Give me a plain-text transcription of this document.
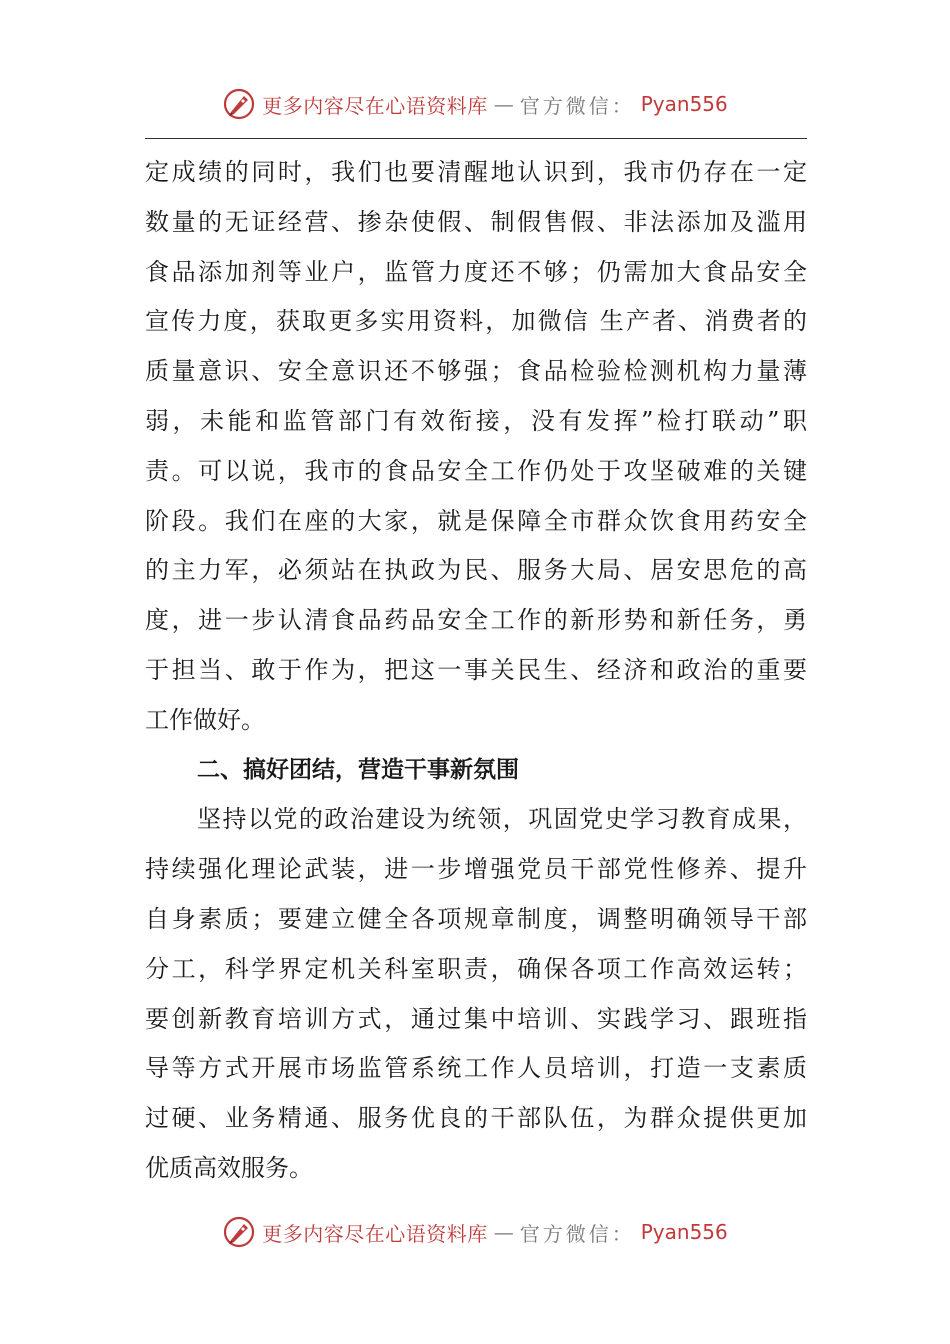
更多内容尽在心语资料库 — 官方微信： Pyan556
定成绩的同时，我们也要清醒地认识到，我市仍存在一定
数量的无证经营、掺杂使假、制假售假、非法添加及滥用
食品添加剂等业户，监管力度还不够；仍需加大食品安全
宣传力度，获取更多实用资料，加微信 生产者、消费者的
质量意识、安全意识还不够强；食品检验检测机构力量薄
弱，未能和监管部门有效衔接，没有发挥”检打联动”职
责。可以说，我市的食品安全工作仍处于攻坚破难的关键
阶段。我们在座的大家，就是保障全市群众饮食用药安全
的主力军，必须站在执政为民、服务大局、居安思危的高
度，进一步认清食品药品安全工作的新形势和新任务，勇
于担当、敢于作为，把这一事关民生、经济和政治的重要
工作做好。
二、搞好团结，营造干事新氛围
坚持以党的政治建设为统领，巩固党史学习教育成果，
持续强化理论武装，进一步增强党员干部党性修养、提升
自身素质；要建立健全各项规章制度，调整明确领导干部
分工，科学界定机关科室职责，确保各项工作高效运转；
要创新教育培训方式，通过集中培训、实践学习、跟班指
导等方式开展市场监管系统工作人员培训，打造一支素质
过硬、业务精通、服务优良的干部队伍，为群众提供更加
优质高效服务。
更多内容尽在心语资料库 — 官方微信： Pyan556
